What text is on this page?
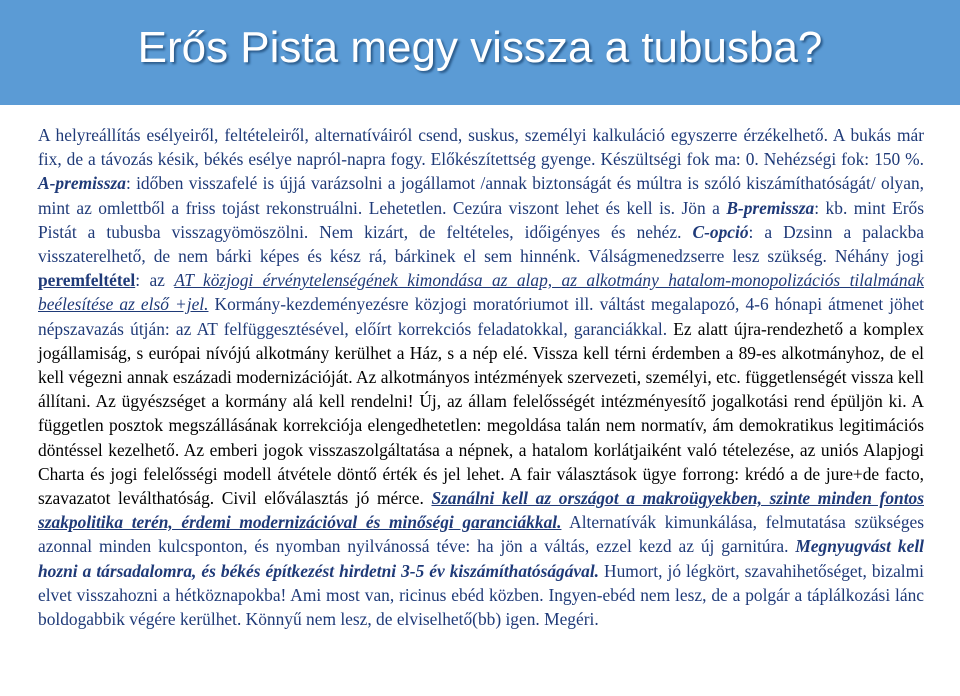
Erős Pista megy vissza a tubusba?

A helyreállítás esélyeiről, feltételeiről, alternatíváiról csend, suskus, személyi kalkuláció egyszerre érzékelhető. A bukás már fix, de a távozás késik, békés esélye napról-napra fogy. Előkészítettség gyenge. Készültségi fok ma: 0. Nehézségi fok: 150 %. A-premissza: időben visszafelé is újjá varázsolni a jogállamot /annak biztonságát és múltra is szóló kiszámíthatóságát/ olyan, mint az omlettből a friss tojást rekonstruálni. Lehetetlen. Cezúra viszont lehet és kell is. Jön a B-premissza: kb. mint Erős Pistát a tubusba visszagyömöszölni. Nem kizárt, de feltételes, időigényes és nehéz. C-opció: a Dzsinn a palackba visszaterelhető, de nem bárki képes és kész rá, bárkinek el sem hinnénk. Válságmenedzserre lesz szükség. Néhány jogi peremfeltétel: az AT közjogi érvénytelenségének kimondása az alap, az alkotmány hatalom-monopolizációs tilalmának beélesítése az első +jel. Kormány-kezdeményezésre közjogi moratóriumot ill. váltást megalapozó, 4-6 hónapi átmenet jöhet népszavazás útján: az AT felfüggesztésével, előírt korrekciós feladatokkal, garanciákkal. Ez alatt újra-rendezhető a komplex jogállamiság, s európai nívójú alkotmány kerülhet a Ház, s a nép elé. Vissza kell térni érdemben a 89-es alkotmányhoz, de el kell végezni annak eszázadi modernizációját. Az alkotmányos intézmények szervezeti, személyi, etc. függetlenségét vissza kell állítani. Az ügyészséget a kormány alá kell rendelni! Új, az állam felelősségét intézményesítő jogalkotási rend épüljön ki. A független posztok megszállásának korrekciója elengedhetetlen: megoldása talán nem normatív, ám demokratikus legitimációs döntéssel kezelhető. Az emberi jogok visszaszolgáltatása a népnek, a hatalom korlátjaiként való tételezése, az uniós Alapjogi Charta és jogi felelősségi modell átvétele döntő érték és jel lehet. A fair választások ügye forrong: krédó a de jure+de facto, szavazatot leválthatóság. Civil előválasztás jó mérce. Szanálni kell az országot a makroügyekben, szinte minden fontos szakpolitika terén, érdemi modernizációval és minőségi garanciákkal. Alternatívák kimunkálása, felmutatása szükséges azonnal minden kulcsponton, és nyomban nyilvánossá téve: ha jön a váltás, ezzel kezd az új garnitúra. Megnyugvást kell hozni a társadalomra, és békés építkezést hirdetni 3-5 év kiszámíthatóságával. Humort, jó légkört, szavahihetőséget, bizalmi elvet visszahozni a hétköznapokba! Ami most van, ricinus ebéd közben. Ingyen-ebéd nem lesz, de a polgár a táplálkozási lánc boldogabbik végére kerülhet. Könnyű nem lesz, de elviselhető(bb) igen. Megéri.
